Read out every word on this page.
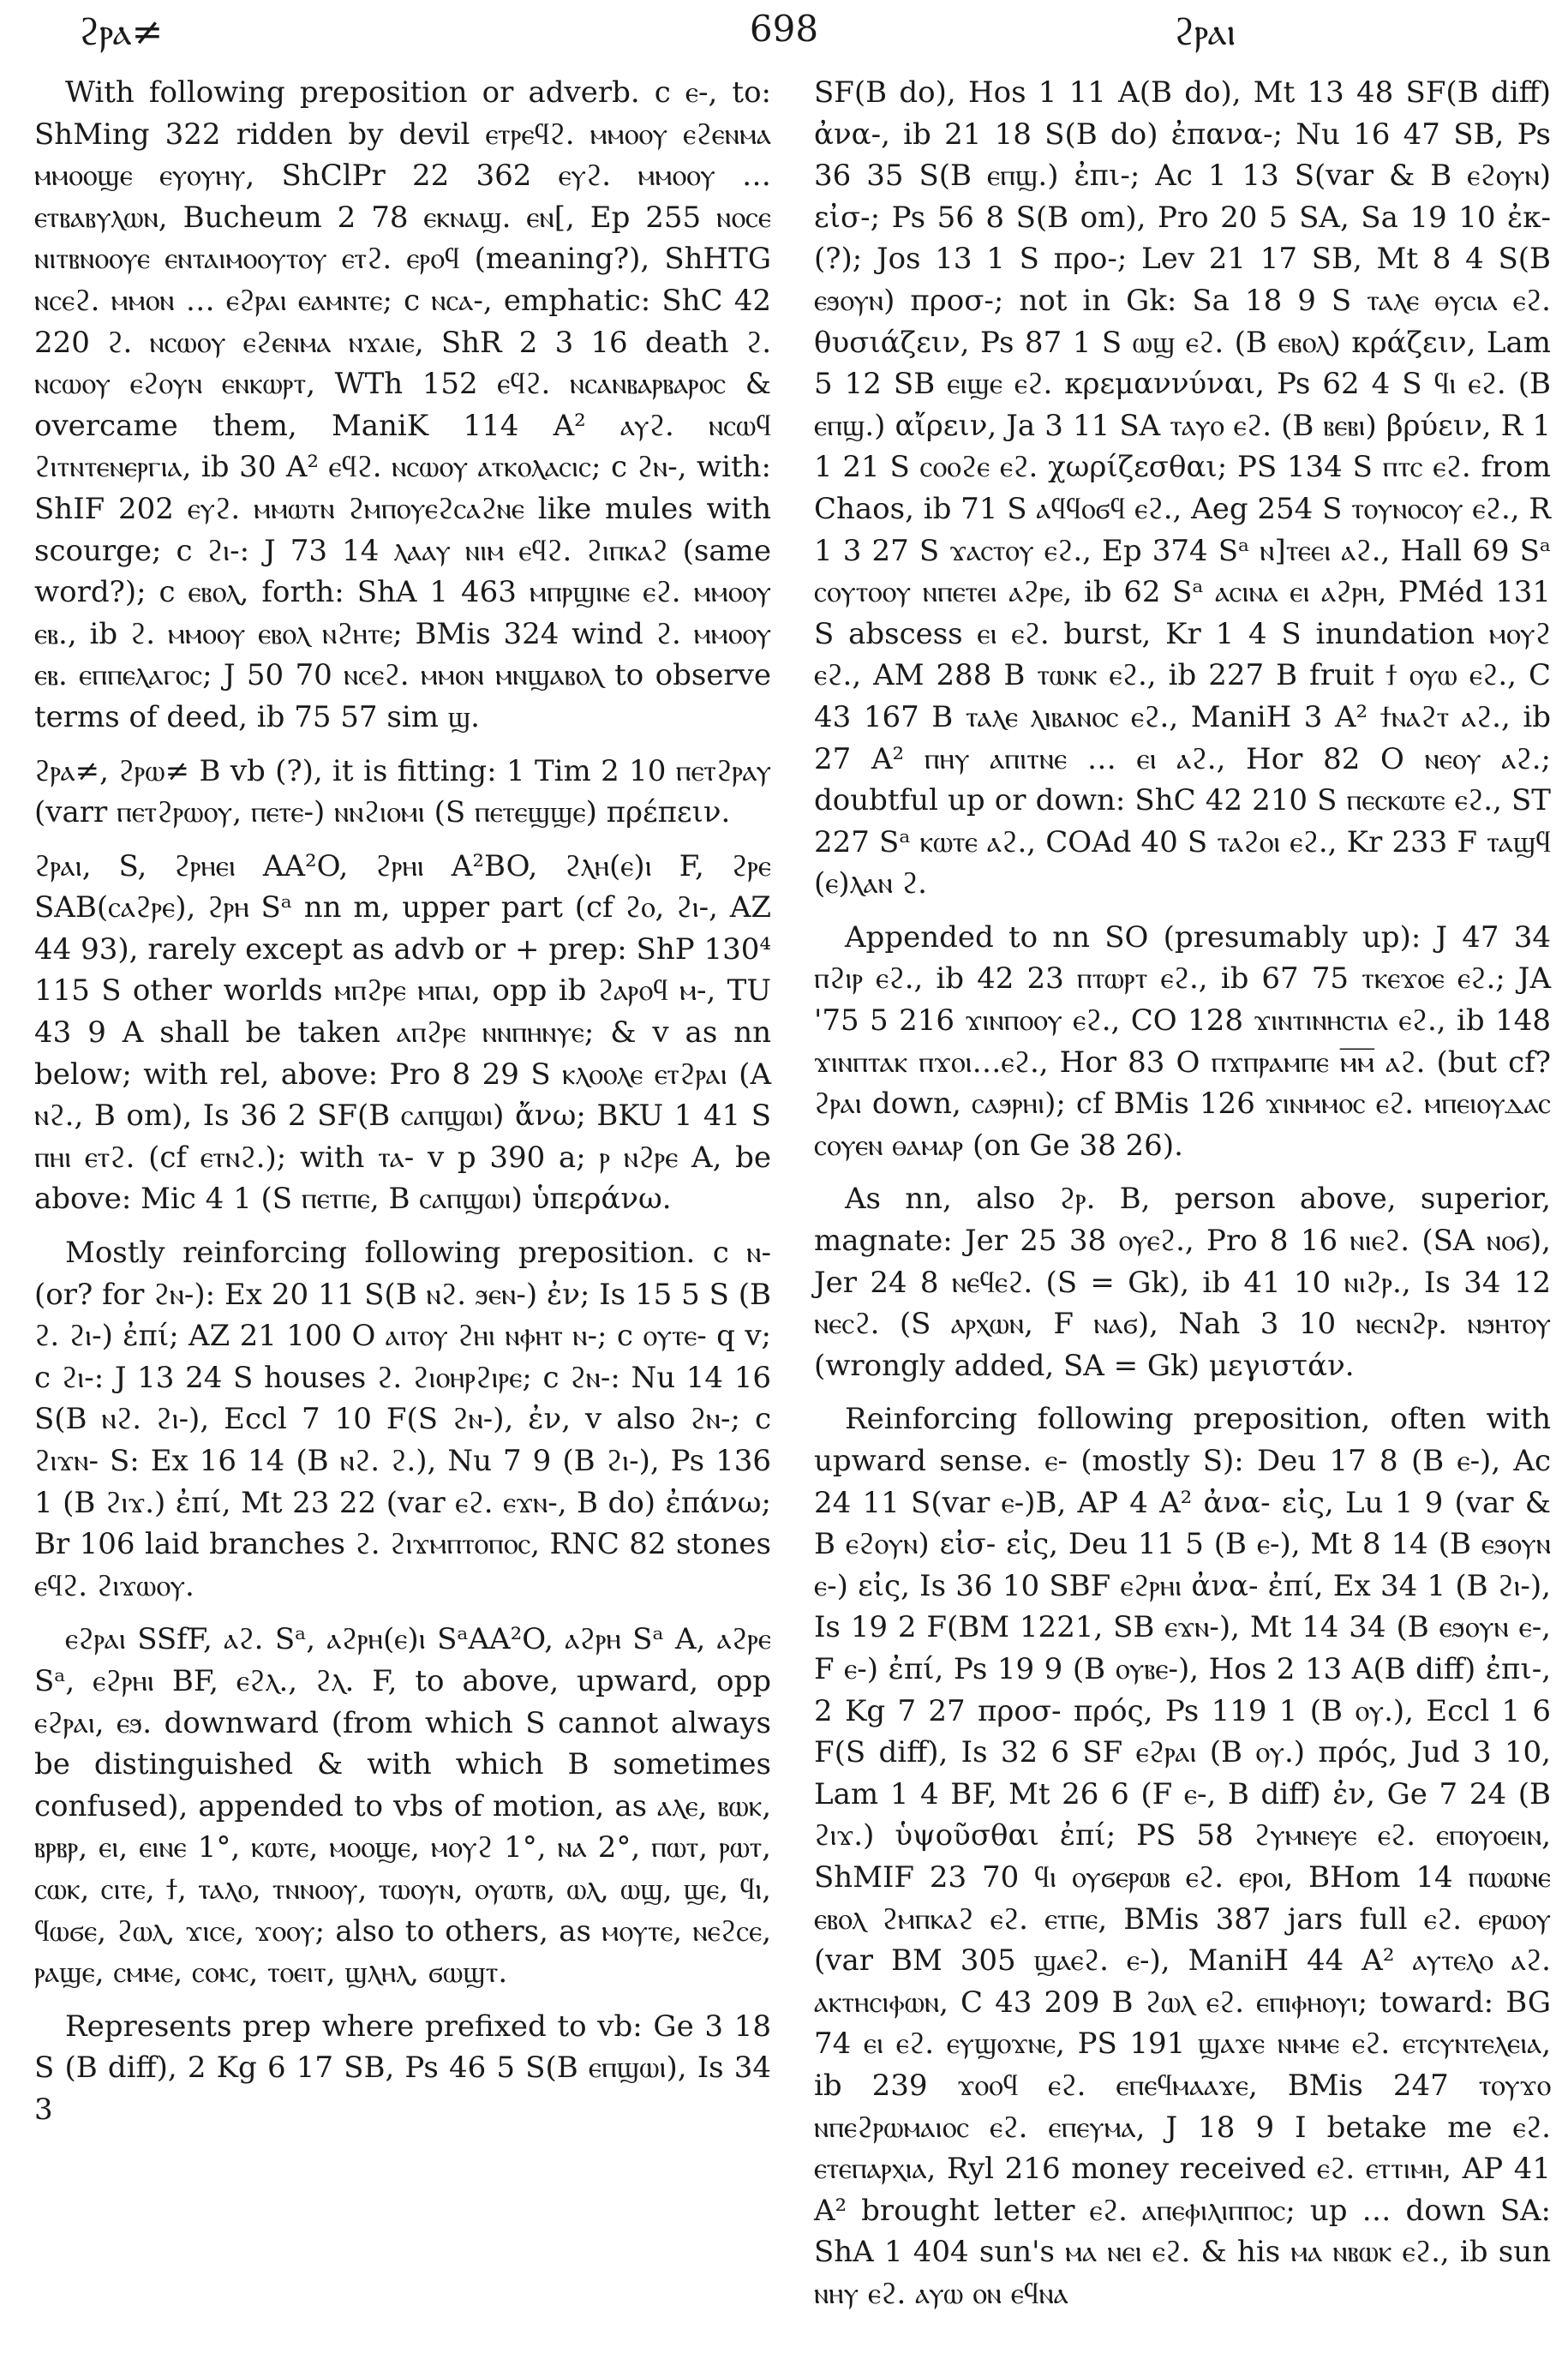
ϩⲣⲁ≠	698	ϩⲣⲁⲓ

With following preposition or adverb. c ⲉ-, to: ShMing 322 ridden by devil ⲉⲧⲣⲉϥϩ. ⲙⲙⲟⲟⲩ ⲉϩⲉⲛⲙⲁ ⲙⲙⲟⲟϣⲉ ⲉⲩⲟⲩⲏⲩ, ShClPr 22 362 ⲉⲩϩ. ⲙⲙⲟⲟⲩ … ⲉⲧⲃⲁⲃⲩⲗⲱⲛ, Bucheum 2 78 ⲉⲕⲛⲁϣ. ⲉⲛ[, Ep 255 ⲛⲟⲥⲉ ⲛⲓⲧⲃⲛⲟⲟⲩⲉ ⲉⲛⲧⲁⲓⲙⲟⲟⲩⲧⲟⲩ ⲉⲧϩ. ⲉⲣⲟϥ (meaning?), ShHTG ⲛⲥⲉϩ. ⲙⲙⲟⲛ … ⲉϩⲣⲁⲓ ⲉⲁⲙⲛⲧⲉ; c ⲛⲥⲁ-, emphatic: ShC 42 220 ϩ. ⲛⲥⲱⲟⲩ ⲉϩⲉⲛⲙⲁ ⲛϫⲁⲓⲉ, ShR 2 3 16 death ϩ. ⲛⲥⲱⲟⲩ ⲉϩⲟⲩⲛ ⲉⲛⲕⲱⲣⲧ, WTh 152 ⲉϥϩ. ⲛⲥⲁⲛⲃⲁⲣⲃⲁⲣⲟⲥ & overcame them, ManiK 114 A² ⲁⲩϩ. ⲛⲥⲱϥ ϩⲓⲧⲛⲧⲉⲛⲉⲣⲅⲓⲁ, ib 30 A² ⲉϥϩ. ⲛⲥⲱⲟⲩ ⲁⲧⲕⲟⲗⲁⲥⲓⲥ; c ϩⲛ-, with: ShIF 202 ⲉⲩϩ. ⲙⲙⲱⲧⲛ ϩⲙⲡⲟⲩⲉϩⲥⲁϩⲛⲉ like mules with scourge; c ϩⲓ-: J 73 14 ⲗⲁⲁⲩ ⲛⲓⲙ ⲉϥϩ. ϩⲓⲡⲕⲁϩ (same word?); c ⲉⲃⲟⲗ, forth: ShA 1 463 ⲙⲡⲣϣⲓⲛⲉ ⲉϩ. ⲙⲙⲟⲟⲩ ⲉⲃ., ib ϩ. ⲙⲙⲟⲟⲩ ⲉⲃⲟⲗ ⲛϩⲏⲧⲉ; BMis 324 wind ϩ. ⲙⲙⲟⲟⲩ ⲉⲃ. ⲉⲡⲡⲉⲗⲁⲅⲟⲥ; J 50 70 ⲛⲥⲉϩ. ⲙⲙⲟⲛ ⲙⲛϣⲁⲃⲟⲗ to observe terms of deed, ib 75 57 sim ϣ.

ϩⲣⲁ≠, ϩⲣⲱ≠ B vb (?), it is fitting: 1 Tim 2 10 ⲡⲉⲧϩⲣⲁⲩ (varr ⲡⲉⲧϩⲣⲱⲟⲩ, ⲡⲉⲧⲉ-) ⲛⲛϩⲓⲟⲙⲓ (S ⲡⲉⲧⲉϣϣⲉ) πρέπειν.

ϩⲣⲁⲓ, S, ϩⲣⲏⲉⲓ AA²O, ϩⲣⲏⲓ A²BO, ϩⲗⲏ(ⲉ)ⲓ F, ϩⲣⲉ SAB(ⲥⲁϩⲣⲉ), ϩⲣⲏ Sᵃ nn m, upper part (cf ϩⲟ, ϩⲓ-, AZ 44 93), rarely except as advb or + prep: ShP 130⁴ 115 S other worlds ⲙⲡϩⲣⲉ ⲙⲡⲁⲓ, opp ib ϩⲁⲣⲟϥ ⲙ-, TU 43 9 A shall be taken ⲁⲡϩⲣⲉ ⲛⲛⲡⲏⲛⲩⲉ; & v as nn below; with rel, above: Pro 8 29 S ⲕⲗⲟⲟⲗⲉ ⲉⲧϩⲣⲁⲓ (A ⲛϩ., B om), Is 36 2 SF(B ⲥⲁⲡϣⲱⲓ) ἄνω; BKU 1 41 S ⲡⲏⲓ ⲉⲧϩ. (cf ⲉⲧⲛϩ.); with ⲧⲁ- v p 390 a; ⲣ ⲛϩⲣⲉ A, be above: Mic 4 1 (S ⲡⲉⲧⲡⲉ, B ⲥⲁⲡϣⲱⲓ) ὑπεράνω.

Mostly reinforcing following preposition. c ⲛ- (or? for ϩⲛ-): Ex 20 11 S(B ⲛϩ. ϧⲉⲛ-) ἐν; Is 15 5 S (B ϩ. ϩⲓ-) ἐπί; AZ 21 100 O ⲁⲓⲧⲟⲩ ϩⲏⲓ ⲛⲫⲏⲧ ⲛ-; c ⲟⲩⲧⲉ- q v; c ϩⲓ-: J 13 24 S houses ϩ. ϩⲓⲟⲏⲣϩⲓⲣⲉ; c ϩⲛ-: Nu 14 16 S(B ⲛϩ. ϩⲓ-), Eccl 7 10 F(S ϩⲛ-), ἐν, v also ϩⲛ-; c ϩⲓϫⲛ- S: Ex 16 14 (B ⲛϩ. ϩ.), Nu 7 9 (B ϩⲓ-), Ps 136 1 (B ϩⲓϫ.) ἐπί, Mt 23 22 (var ⲉϩ. ⲉϫⲛ-, B do) ἐπάνω; Br 106 laid branches ϩ. ϩⲓϫⲙⲡⲧⲟⲡⲟⲥ, RNC 82 stones ⲉϥϩ. ϩⲓϫⲱⲟⲩ.

ⲉϩⲣⲁⲓ SSfF, ⲁϩ. Sᵃ, ⲁϩⲣⲏ(ⲉ)ⲓ SᵃAA²O, ⲁϩⲣⲏ Sᵃ A, ⲁϩⲣⲉ Sᵃ, ⲉϩⲣⲏⲓ BF, ⲉϩⲗ., ϩⲗ. F, to above, upward, opp ⲉϩⲣⲁⲓ, ⲉϧ. downward (from which S cannot always be distinguished & with which B sometimes confused), appended to vbs of motion, as ⲁⲗⲉ, ⲃⲱⲕ, ⲃⲣⲃⲣ, ⲉⲓ, ⲉⲓⲛⲉ 1°, ⲕⲱⲧⲉ, ⲙⲟⲟϣⲉ, ⲙⲟⲩϩ 1°, ⲛⲁ 2°, ⲡⲱⲧ, ⲣⲱⲧ, ⲥⲱⲕ, ⲥⲓⲧⲉ, ϯ, ⲧⲁⲗⲟ, ⲧⲛⲛⲟⲟⲩ, ⲧⲱⲟⲩⲛ, ⲟⲩⲱⲧⲃ, ⲱⲗ, ⲱϣ, ϣⲉ, ϥⲓ, ϥⲱϭⲉ, ϩⲱⲗ, ϫⲓⲥⲉ, ϫⲟⲟⲩ; also to others, as ⲙⲟⲩⲧⲉ, ⲛⲉϩⲥⲉ, ⲣⲁϣⲉ, ⲥⲙⲙⲉ, ⲥⲟⲙⲥ, ⲧⲟⲉⲓⲧ, ϣⲗⲏⲗ, ϭⲱϣⲧ.

Represents prep where prefixed to vb: Ge 3 18 S (B diff), 2 Kg 6 17 SB, Ps 46 5 S(B ⲉⲡϣⲱⲓ), Is 34 3

SF(B do), Hos 1 11 A(B do), Mt 13 48 SF(B diff) ἀνα-, ib 21 18 S(B do) ἐπανα-; Nu 16 47 SB, Ps 36 35 S(B ⲉⲡϣ.) ἐπι-; Ac 1 13 S(var & B ⲉϩⲟⲩⲛ) εἰσ-; Ps 56 8 S(B om), Pro 20 5 SA, Sa 19 10 ἐκ-(?); Jos 13 1 S προ-; Lev 21 17 SB, Mt 8 4 S(B ⲉϧⲟⲩⲛ) προσ-; not in Gk: Sa 18 9 S ⲧⲁⲗⲉ ⲑⲩⲥⲓⲁ ⲉϩ. θυσιάζειν, Ps 87 1 S ⲱϣ ⲉϩ. (B ⲉⲃⲟⲗ) κράζειν, Lam 5 12 SB ⲉⲓϣⲉ ⲉϩ. κρεμαννύναι, Ps 62 4 S ϥⲓ ⲉϩ. (B ⲉⲡϣ.) αἴρειν, Ja 3 11 SA ⲧⲁⲩⲟ ⲉϩ. (B ⲃⲉⲃⲓ) βρύειν, R 1 1 21 S ⲥⲟⲟϩⲉ ⲉϩ. χωρίζεσθαι; PS 134 S ⲡⲧⲥ ⲉϩ. from Chaos, ib 71 S ⲁϥϥⲟϭϥ ⲉϩ., Aeg 254 S ⲧⲟⲩⲛⲟⲥⲟⲩ ⲉϩ., R 1 3 27 S ϫⲁⲥⲧⲟⲩ ⲉϩ., Ep 374 Sᵃ ⲛ]ⲧⲉⲉⲓ ⲁϩ., Hall 69 Sᵃ ⲥⲟⲩⲧⲟⲟⲩ ⲛⲡⲉⲧⲉⲓ ⲁϩⲣⲉ, ib 62 Sᵃ ⲁⲥⲓⲛⲁ ⲉⲓ ⲁϩⲣⲏ, PMéd 131 S abscess ⲉⲓ ⲉϩ. burst, Kr 1 4 S inundation ⲙⲟⲩϩ ⲉϩ., AM 288 B ⲧⲱⲛⲕ ⲉϩ., ib 227 B fruit ϯ ⲟⲩⲱ ⲉϩ., C 43 167 B ⲧⲁⲗⲉ ⲗⲓⲃⲁⲛⲟⲥ ⲉϩ., ManiH 3 A² ϯⲛⲁϩⲧ ⲁϩ., ib 27 A² ⲡⲏⲩ ⲁⲡⲓⲧⲛⲉ … ⲉⲓ ⲁϩ., Hor 82 O ⲛⲉⲟⲩ ⲁϩ.; doubtful up or down: ShC 42 210 S ⲡⲉⲥⲕⲱⲧⲉ ⲉϩ., ST 227 Sᵃ ⲕⲱⲧⲉ ⲁϩ., COAd 40 S ⲧⲁϩⲟⲓ ⲉϩ., Kr 233 F ⲧⲁϣϥ (ⲉ)ⲗⲁⲛ ϩ.

Appended to nn SO (presumably up): J 47 34 ⲡϩⲓⲣ ⲉϩ., ib 42 23 ⲡⲧⲱⲣⲧ ⲉϩ., ib 67 75 ⲧⲕⲉϫⲟⲉ ⲉϩ.; JA '75 5 216 ϫⲓⲛⲡⲟⲟⲩ ⲉϩ., CO 128 ϫⲓⲛⲧⲓⲛⲏⲥⲧⲓⲁ ⲉϩ., ib 148 ϫⲓⲛⲡⲧⲁⲕ ⲡϫⲟⲓ…ⲉϩ., Hor 83 O ⲡϫⲡⲣⲁⲙⲡⲉ ⲙ̅ⲙ̅ ⲁϩ. (but cf? ϩⲣⲁⲓ down, ⲥⲁϧⲣⲏⲓ); cf BMis 126 ϫⲓⲛⲙⲙⲟⲥ ⲉϩ. ⲙⲡⲉⲓⲟⲩⲇⲁⲥ ⲥⲟⲩⲉⲛ ⲑⲁⲙⲁⲣ (on Ge 38 26).

As nn, also ϩⲣ. B, person above, superior, magnate: Jer 25 38 ⲟⲩⲉϩ., Pro 8 16 ⲛⲓⲉϩ. (SA ⲛⲟϭ), Jer 24 8 ⲛⲉϥⲉϩ. (S = Gk), ib 41 10 ⲛⲓϩⲣ., Is 34 12 ⲛⲉⲥϩ. (S ⲁⲣⲭⲱⲛ, F ⲛⲁϭ), Nah 3 10 ⲛⲉⲥⲛϩⲣ. ⲛϧⲏⲧⲟⲩ (wrongly added, SA = Gk) μεγιστάν.

Reinforcing following preposition, often with upward sense. ⲉ- (mostly S): Deu 17 8 (B ⲉ-), Ac 24 11 S(var ⲉ-)B, AP 4 A² ἀνα- εἰς, Lu 1 9 (var & B ⲉϩⲟⲩⲛ) εἰσ- εἰς, Deu 11 5 (B ⲉ-), Mt 8 14 (B ⲉϧⲟⲩⲛ ⲉ-) εἰς, Is 36 10 SBF ⲉϩⲣⲏⲓ ἀνα- ἐπί, Ex 34 1 (B ϩⲓ-), Is 19 2 F(BM 1221, SB ⲉϫⲛ-), Mt 14 34 (B ⲉϧⲟⲩⲛ ⲉ-, F ⲉ-) ἐπί, Ps 19 9 (B ⲟⲩⲃⲉ-), Hos 2 13 A(B diff) ἐπι-, 2 Kg 7 27 προσ- πρός, Ps 119 1 (B ⲟⲩ.), Eccl 1 6 F(S diff), Is 32 6 SF ⲉϩⲣⲁⲓ (B ⲟⲩ.) πρός, Jud 3 10, Lam 1 4 BF, Mt 26 6 (F ⲉ-, B diff) ἐν, Ge 7 24 (B ϩⲓϫ.) ὑψοῦσθαι ἐπί; PS 58 ϩⲩⲙⲛⲉⲩⲉ ⲉϩ. ⲉⲡⲟⲩⲟⲉⲓⲛ, ShMIF 23 70 ϥⲓ ⲟⲩϭⲉⲣⲱⲃ ⲉϩ. ⲉⲣⲟⲓ, BHom 14 ⲡⲱⲱⲛⲉ ⲉⲃⲟⲗ ϩⲙⲡⲕⲁϩ ⲉϩ. ⲉⲧⲡⲉ, BMis 387 jars full ⲉϩ. ⲉⲣⲱⲟⲩ (var BM 305 ϣⲁⲉϩ. ⲉ-), ManiH 44 A² ⲁⲩⲧⲉⲗⲟ ⲁϩ. ⲁⲕⲧⲏⲥⲓⲫⲱⲛ, C 43 209 B ϩⲱⲗ ⲉϩ. ⲉⲡⲓⲫⲏⲟⲩⲓ; toward: BG 74 ⲉⲓ ⲉϩ. ⲉⲩϣⲟϫⲛⲉ, PS 191 ϣⲁϫⲉ ⲛⲙⲙⲉ ⲉϩ. ⲉⲧⲥⲩⲛⲧⲉⲗⲉⲓⲁ, ib 239 ϫⲟⲟϥ ⲉϩ. ⲉⲡⲉϥⲙⲁⲁϫⲉ, BMis 247 ⲧⲟⲩϫⲟ ⲛⲡⲉϩⲣⲱⲙⲁⲓⲟⲥ ⲉϩ. ⲉⲡⲉⲩⲙⲁ, J 18 9 I betake me ⲉϩ. ⲉⲧⲉⲡⲁⲣⲭⲓⲁ, Ryl 216 money received ⲉϩ. ⲉⲧⲧⲓⲙⲏ, AP 41 A² brought letter ⲉϩ. ⲁⲡⲉⲫⲓⲗⲓⲡⲡⲟⲥ; up … down SA: ShA 1 404 sun's ⲙⲁ ⲛⲉⲓ ⲉϩ. & his ⲙⲁ ⲛⲃⲱⲕ ⲉϩ., ib sun ⲛⲏⲩ ⲉϩ. ⲁⲩⲱ ⲟⲛ ⲉϥⲛⲁ
